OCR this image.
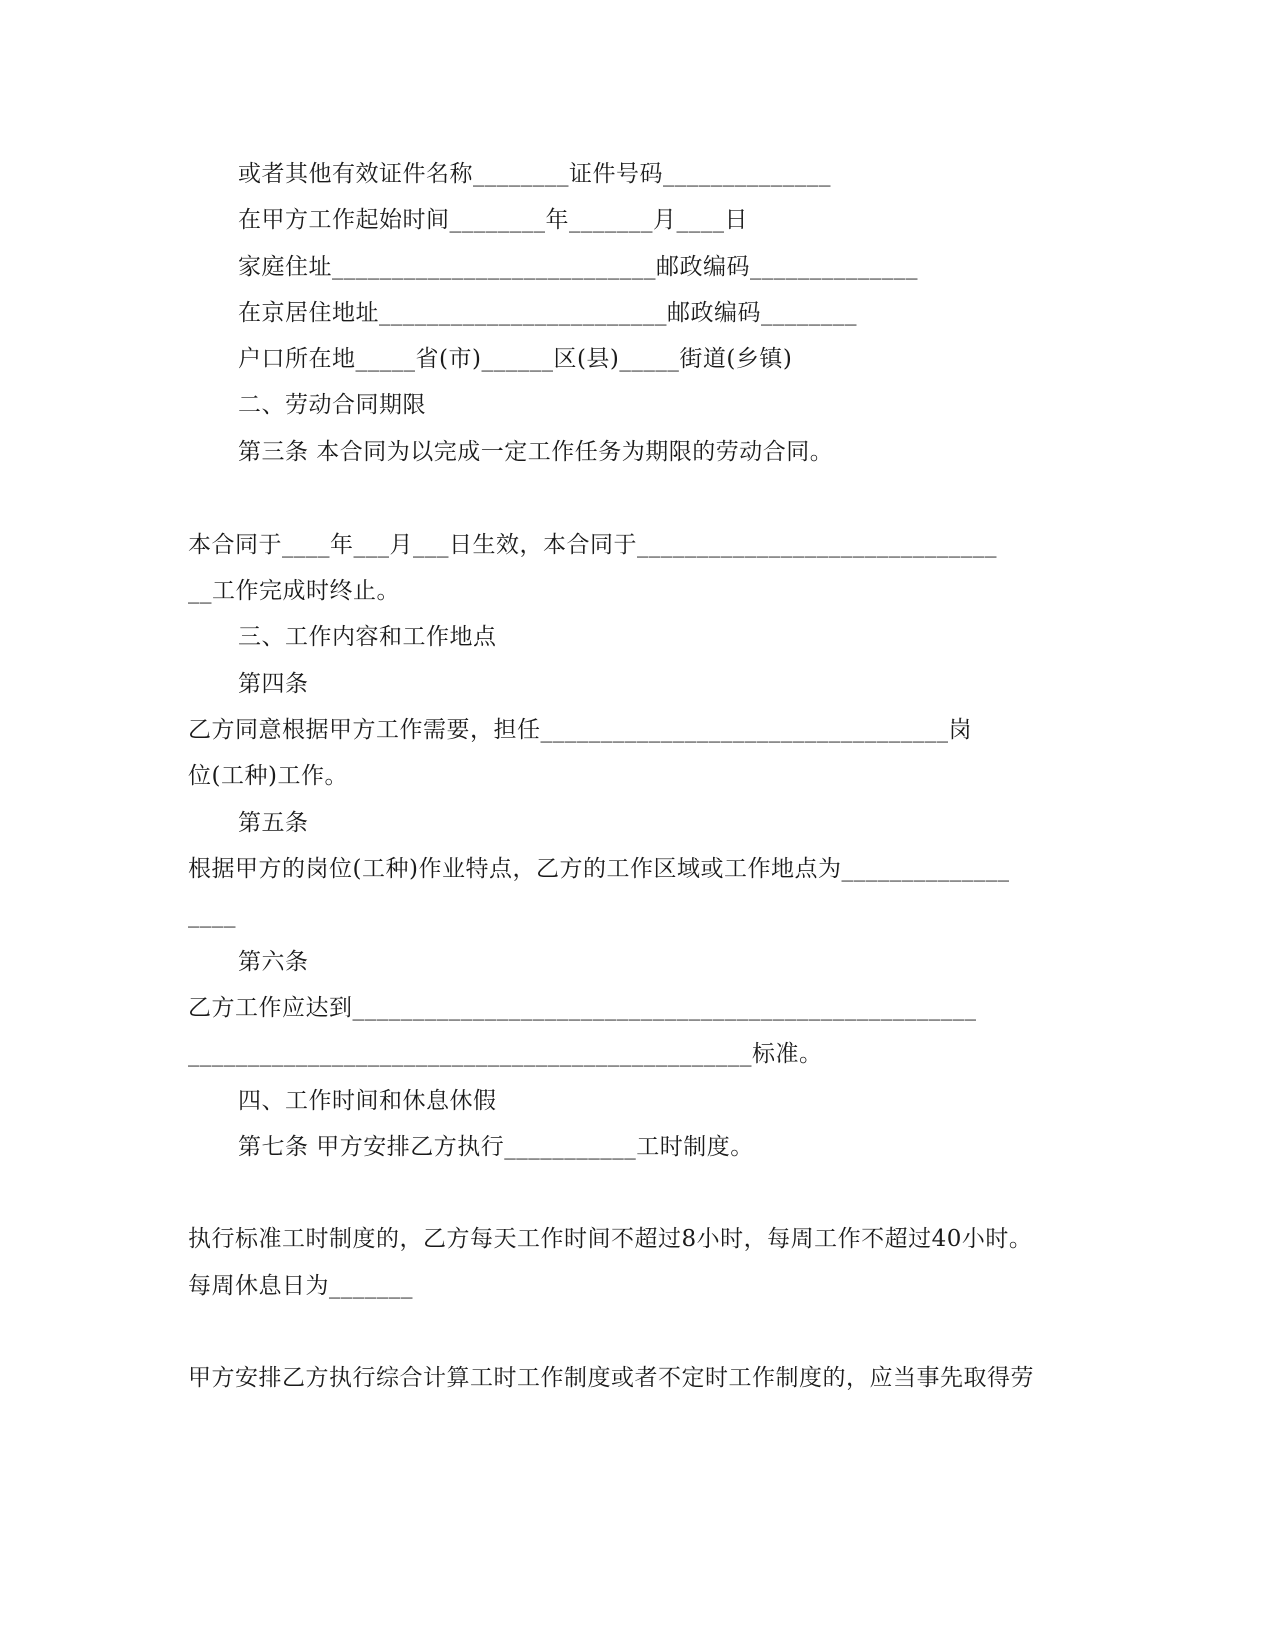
或者其他有效证件名称________证件号码______________
在甲方工作起始时间________年_______月____日
家庭住址___________________________邮政编码______________
在京居住地址________________________邮政编码________
户口所在地_____省(市)______区(县)_____街道(乡镇)
二、劳动合同期限
第三条 本合同为以完成一定工作任务为期限的劳动合同。
本合同于____年___月___日生效，本合同于______________________________
__工作完成时终止。
三、工作内容和工作地点
第四条
乙方同意根据甲方工作需要，担任__________________________________岗
位(工种)工作。
第五条
根据甲方的岗位(工种)作业特点，乙方的工作区域或工作地点为______________
____
第六条
乙方工作应达到____________________________________________________
_______________________________________________标准。
四、工作时间和休息休假
第七条 甲方安排乙方执行___________工时制度。
执行标准工时制度的，乙方每天工作时间不超过8小时，每周工作不超过40小时。
每周休息日为_______
甲方安排乙方执行综合计算工时工作制度或者不定时工作制度的，应当事先取得劳
